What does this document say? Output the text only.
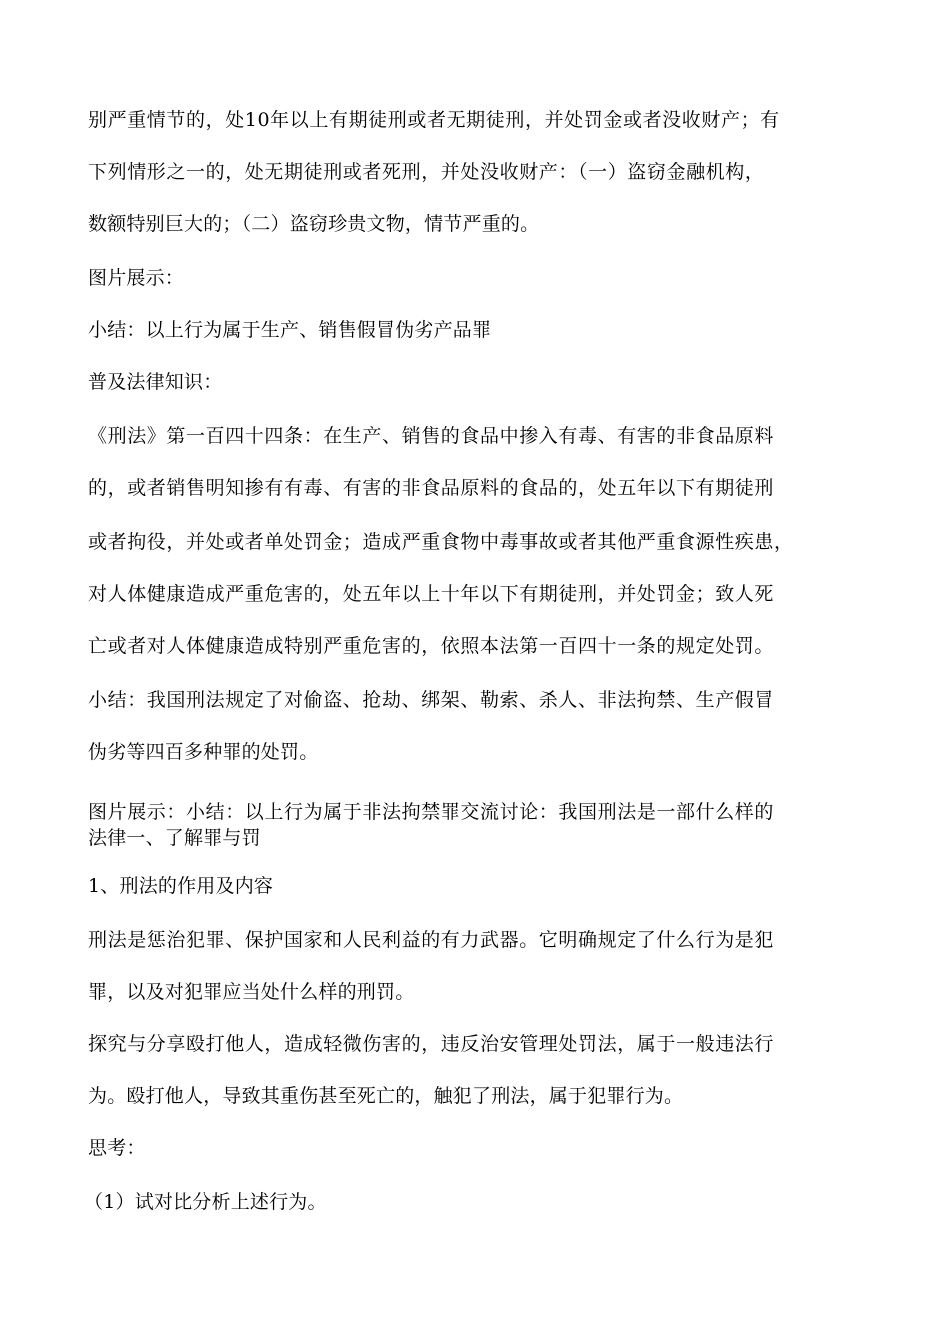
别严重情节的，处10年以上有期徒刑或者无期徒刑，并处罚金或者没收财产；有
下列情形之一的，处无期徒刑或者死刑，并处没收财产：（一）盗窃金融机构，
数额特别巨大的；（二）盗窃珍贵文物，情节严重的。
图片展示：
小结：以上行为属于生产、销售假冒伪劣产品罪
普及法律知识：
《刑法》第一百四十四条：在生产、销售的食品中掺入有毒、有害的非食品原料
的，或者销售明知掺有有毒、有害的非食品原料的食品的，处五年以下有期徒刑
或者拘役，并处或者单处罚金；造成严重食物中毒事故或者其他严重食源性疾患，
对人体健康造成严重危害的，处五年以上十年以下有期徒刑，并处罚金；致人死
亡或者对人体健康造成特别严重危害的，依照本法第一百四十一条的规定处罚。
小结：我国刑法规定了对偷盗、抢劫、绑架、勒索、杀人、非法拘禁、生产假冒
伪劣等四百多种罪的处罚。
图片展示：小结：以上行为属于非法拘禁罪交流讨论：我国刑法是一部什么样的
法律一、了解罪与罚
1、刑法的作用及内容
刑法是惩治犯罪、保护国家和人民利益的有力武器。它明确规定了什么行为是犯
罪，以及对犯罪应当处什么样的刑罚。
探究与分享殴打他人，造成轻微伤害的，违反治安管理处罚法，属于一般违法行
为。殴打他人，导致其重伤甚至死亡的，触犯了刑法，属于犯罪行为。
思考：
（1）试对比分析上述行为。
